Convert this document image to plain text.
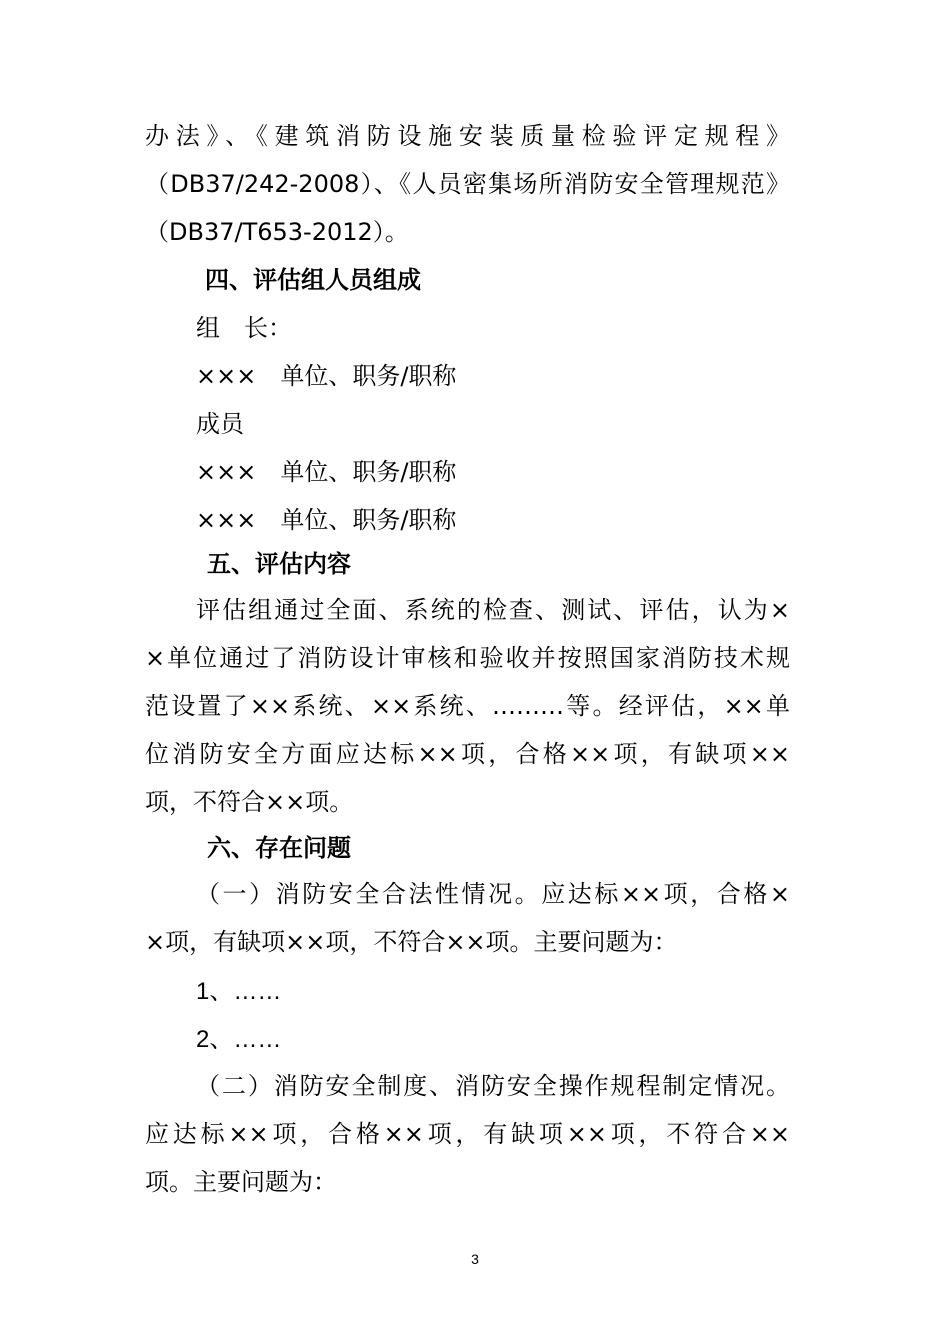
办法》、《建筑消防设施安装质量检验评定规程》
（DB37/242-2008）、《人员密集场所消防安全管理规范》
（DB37/T653-2012）。
四、评估组人员组成
组　长：
×××　单位、职务/职称
成员
×××　单位、职务/职称
×××　单位、职务/职称
五、评估内容
评估组通过全面、系统的检查、测试、评估，认为×
×单位通过了消防设计审核和验收并按照国家消防技术规
范设置了××系统、××系统、………等。经评估，××单
位消防安全方面应达标××项，合格××项，有缺项××
项，不符合××项。
六、存在问题
（一）消防安全合法性情况。应达标××项，合格×
×项，有缺项××项，不符合××项。主要问题为：
1、……
2、……
（二）消防安全制度、消防安全操作规程制定情况。
应达标××项，合格××项，有缺项××项，不符合××
项。主要问题为：
3
